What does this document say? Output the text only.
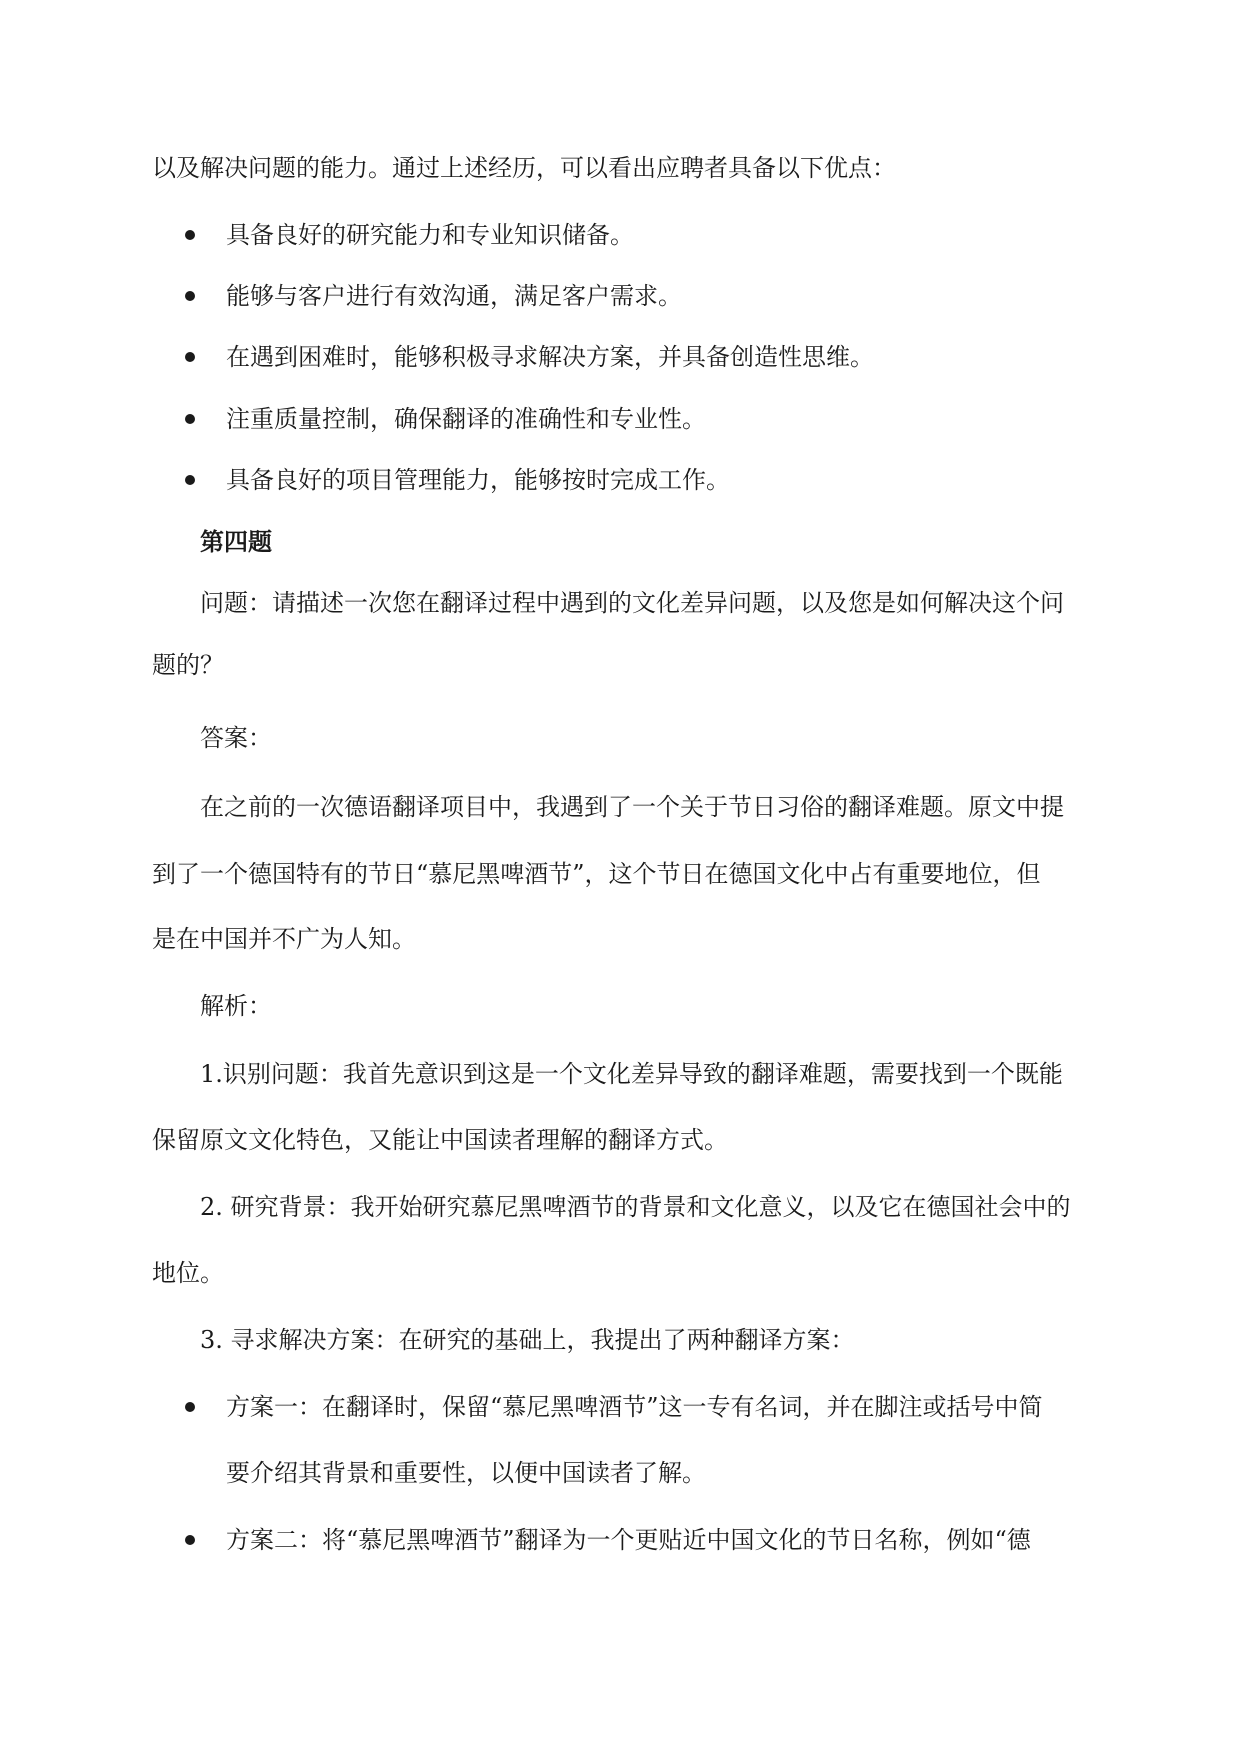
以及解决问题的能力。通过上述经历，可以看出应聘者具备以下优点：
具备良好的研究能力和专业知识储备。
能够与客户进行有效沟通，满足客户需求。
在遇到困难时，能够积极寻求解决方案，并具备创造性思维。
注重质量控制，确保翻译的准确性和专业性。
具备良好的项目管理能力，能够按时完成工作。
第四题
问题：请描述一次您在翻译过程中遇到的文化差异问题，以及您是如何解决这个问
题的？
答案：
在之前的一次德语翻译项目中，我遇到了一个关于节日习俗的翻译难题。原文中提
到了一个德国特有的节日“慕尼黑啤酒节”，这个节日在德国文化中占有重要地位，但
是在中国并不广为人知。
解析：
1.识别问题：我首先意识到这是一个文化差异导致的翻译难题，需要找到一个既能
保留原文文化特色，又能让中国读者理解的翻译方式。
2. 研究背景：我开始研究慕尼黑啤酒节的背景和文化意义，以及它在德国社会中的
地位。
3. 寻求解决方案：在研究的基础上，我提出了两种翻译方案：
方案一：在翻译时，保留“慕尼黑啤酒节”这一专有名词，并在脚注或括号中简
要介绍其背景和重要性，以便中国读者了解。
方案二：将“慕尼黑啤酒节”翻译为一个更贴近中国文化的节日名称，例如“德
